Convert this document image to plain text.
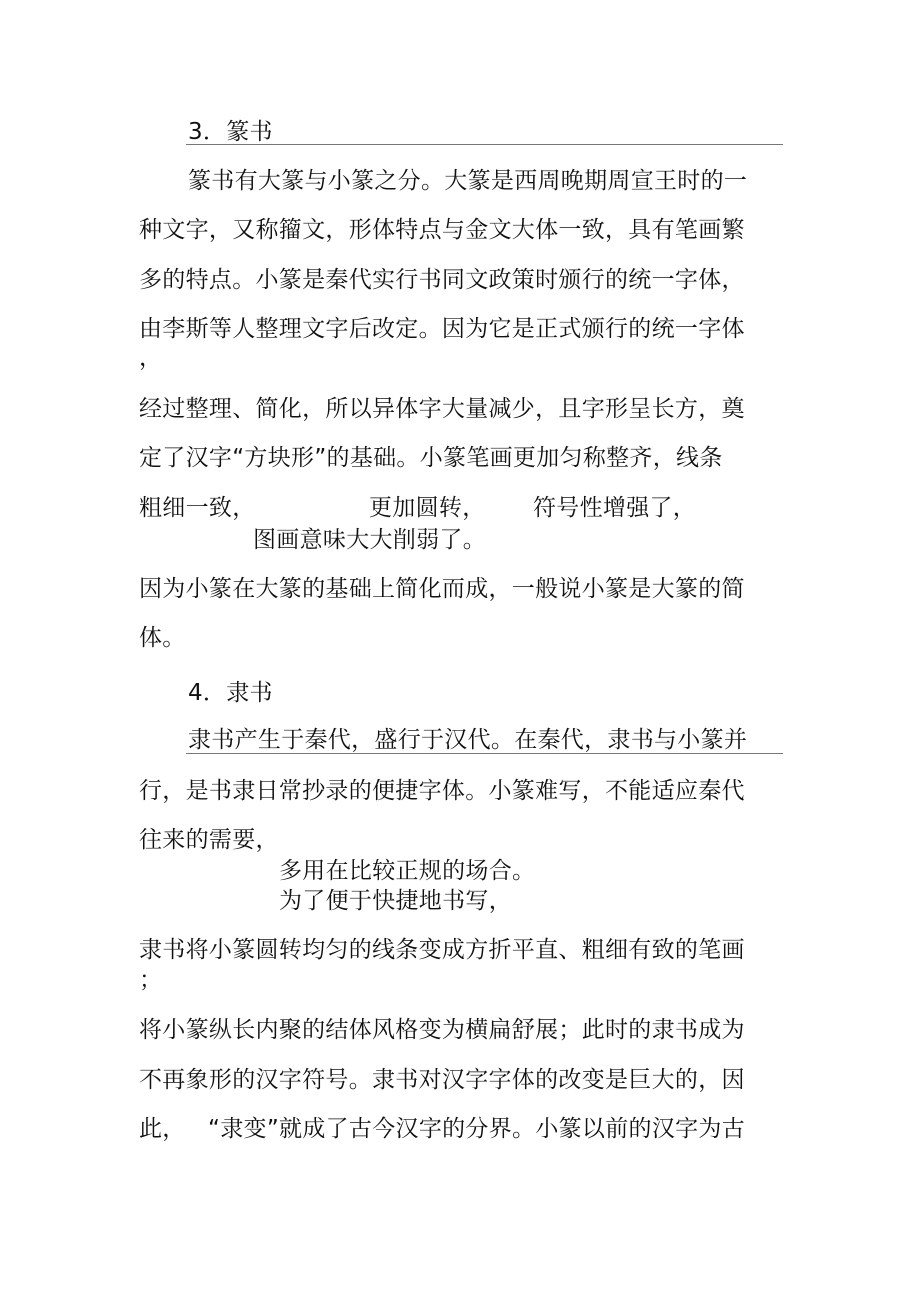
3．篆书
篆书有大篆与小篆之分。大篆是西周晚期周宣王时的一
种文字，又称籀文，形体特点与金文大体一致，具有笔画繁
多的特点。小篆是秦代实行书同文政策时颁行的统一字体，
由李斯等人整理文字后改定。因为它是正式颁行的统一字体
，
经过整理、简化，所以异体字大量减少，且字形呈长方，奠
定了汉字“方块形”的基础。小篆笔画更加匀称整齐，线条
粗细一致，	更加圆转， 符号性增强了，
图画意味大大削弱了。
因为小篆在大篆的基础上简化而成，一般说小篆是大篆的简
体。
4．隶书
隶书产生于秦代，盛行于汉代。在秦代，隶书与小篆并
行，是书隶日常抄录的便捷字体。小篆难写，不能适应秦代
往来的需要，
多用在比较正规的场合。
为了便于快捷地书写，
隶书将小篆圆转均匀的线条变成方折平直、粗细有致的笔画
；
将小篆纵长内聚的结体风格变为横扁舒展；此时的隶书成为
不再象形的汉字符号。隶书对汉字字体的改变是巨大的，因
此， “隶变”就成了古今汉字的分界。小篆以前的汉字为古
